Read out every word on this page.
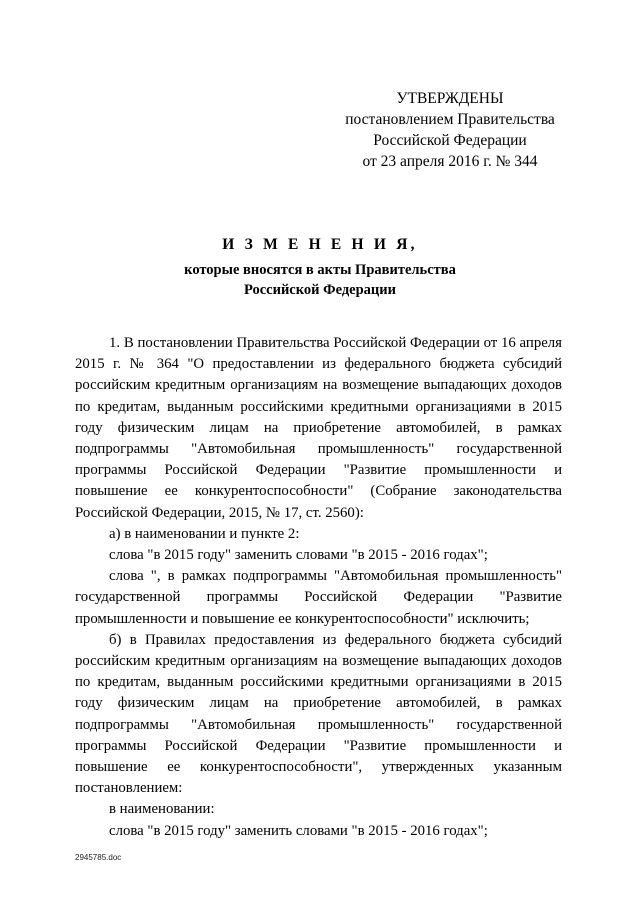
УТВЕРЖДЕНЫ
постановлением Правительства
Российской Федерации
от 23 апреля 2016 г. № 344
И З М Е Н Е Н И Я,
которые вносятся в акты Правительства
Российской Федерации

1. В постановлении Правительства Российской Федерации от 16 апреля 2015 г. № 364 "О предоставлении из федерального бюджета субсидий российским кредитным организациям на возмещение выпадающих доходов по кредитам, выданным российскими кредитными организациями в 2015 году физическим лицам на приобретение автомобилей, в рамках подпрограммы "Автомобильная промышленность" государственной программы Российской Федерации "Развитие промышленности и повышение ее конкурентоспособности" (Собрание законодательства Российской Федерации, 2015, № 17, ст. 2560):

а) в наименовании и пункте 2:

слова "в 2015 году" заменить словами "в 2015 - 2016 годах";

слова ", в рамках подпрограммы "Автомобильная промышленность" государственной программы Российской Федерации "Развитие промышленности и повышение ее конкурентоспособности" исключить;

б) в Правилах предоставления из федерального бюджета субсидий российским кредитным организациям на возмещение выпадающих доходов по кредитам, выданным российскими кредитными организациями в 2015 году физическим лицам на приобретение автомобилей, в рамках подпрограммы "Автомобильная промышленность" государственной программы Российской Федерации "Развитие промышленности и повышение ее конкурентоспособности", утвержденных указанным постановлением:

в наименовании:

слова "в 2015 году" заменить словами "в 2015 - 2016 годах";

2945785.doc
